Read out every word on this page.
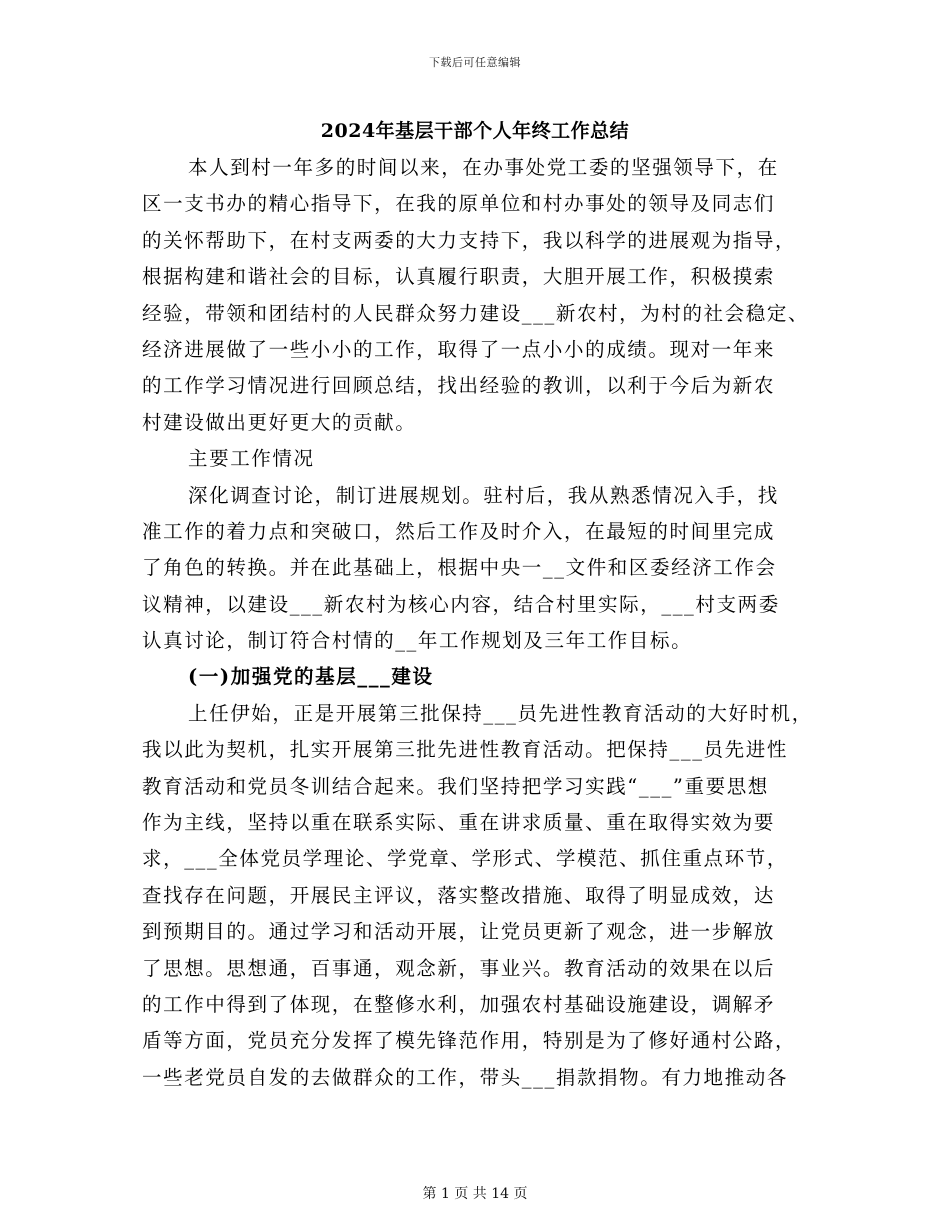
下载后可任意编辑
2024年基层干部个人年终工作总结
本人到村一年多的时间以来，在办事处党工委的坚强领导下，在
区一支书办的精心指导下，在我的原单位和村办事处的领导及同志们
的关怀帮助下，在村支两委的大力支持下，我以科学的进展观为指导，
根据构建和谐社会的目标，认真履行职责，大胆开展工作，积极摸索
经验，带领和团结村的人民群众努力建设___新农村，为村的社会稳定、
经济进展做了一些小小的工作，取得了一点小小的成绩。现对一年来
的工作学习情况进行回顾总结，找出经验的教训，以利于今后为新农
村建设做出更好更大的贡献。
主要工作情况
深化调查讨论，制订进展规划。驻村后，我从熟悉情况入手，找
准工作的着力点和突破口，然后工作及时介入，在最短的时间里完成
了角色的转换。并在此基础上，根据中央一__文件和区委经济工作会
议精神，以建设___新农村为核心内容，结合村里实际，___村支两委
认真讨论，制订符合村情的__年工作规划及三年工作目标。
(一)加强党的基层___建设
上任伊始，正是开展第三批保持___员先进性教育活动的大好时机，
我以此为契机，扎实开展第三批先进性教育活动。把保持___员先进性
教育活动和党员冬训结合起来。我们坚持把学习实践“___”重要思想
作为主线，坚持以重在联系实际、重在讲求质量、重在取得实效为要
求，___全体党员学理论、学党章、学形式、学模范、抓住重点环节，
查找存在问题，开展民主评议，落实整改措施、取得了明显成效，达
到预期目的。通过学习和活动开展，让党员更新了观念，进一步解放
了思想。思想通，百事通，观念新，事业兴。教育活动的效果在以后
的工作中得到了体现，在整修水利，加强农村基础设施建设，调解矛
盾等方面，党员充分发挥了模先锋范作用，特别是为了修好通村公路，
一些老党员自发的去做群众的工作，带头___捐款捐物。有力地推动各
第 1 页 共 14 页
